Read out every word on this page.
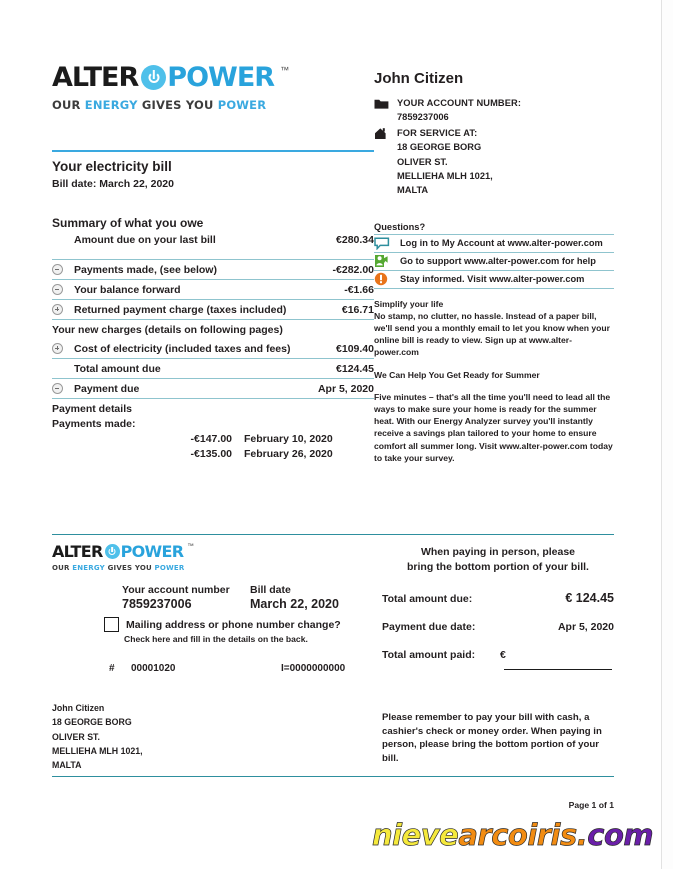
ALTER POWER ™
OUR ENERGY GIVES YOU POWER
Your electricity bill
Bill date: March 22, 2020
Summary of what you owe
Amount due on your last bill	€280.34
Payments made, (see below)	-€282.00
Your balance forward	-€1.66
Returned payment charge (taxes included)	€16.71
Your new charges (details on following pages)
Cost of electricity (included taxes and fees)	€109.40
Total amount due	€124.45
Payment due	Apr 5, 2020
Payment details
Payments made:
-€147.00	February 10, 2020
-€135.00	February 26, 2020
John Citizen
YOUR ACCOUNT NUMBER:
7859237006
FOR SERVICE AT:
18 GEORGE BORG
OLIVER ST.
MELLIEHA MLH 1021,
MALTA
Questions?
Log in to My Account at www.alter-power.com
Go to support www.alter-power.com for help
Stay informed. Visit www.alter-power.com
Simplify your life
No stamp, no clutter, no hassle. Instead of a paper bill, we'll send you a monthly email to let you know when your online bill is ready to view. Sign up at www.alter-power.com
We Can Help You Get Ready for Summer
Five minutes – that's all the time you'll need to lead all the ways to make sure your home is ready for the summer heat. With our Energy Analyzer survey you'll instantly receive a savings plan tailored to your home to ensure comfort all summer long. Visit www.alter-power.com today to take your survey.
ALTER POWER ™
OUR ENERGY GIVES YOU POWER
Your account number	Bill date
7859237006	March 22, 2020
Mailing address or phone number change?
Check here and fill in the details on the back.
#	00001020	I=0000000000
John Citizen
18 GEORGE BORG
OLIVER ST.
MELLIEHA MLH 1021,
MALTA
When paying in person, please
bring the bottom portion of your bill.
Total amount due:	€ 124.45
Payment due date:	Apr 5, 2020
Total amount paid:	€
Please remember to pay your bill with cash, a cashier's check or money order. When paying in person, please bring the bottom portion of your bill.
Page 1 of 1
nievearcoiris.com
